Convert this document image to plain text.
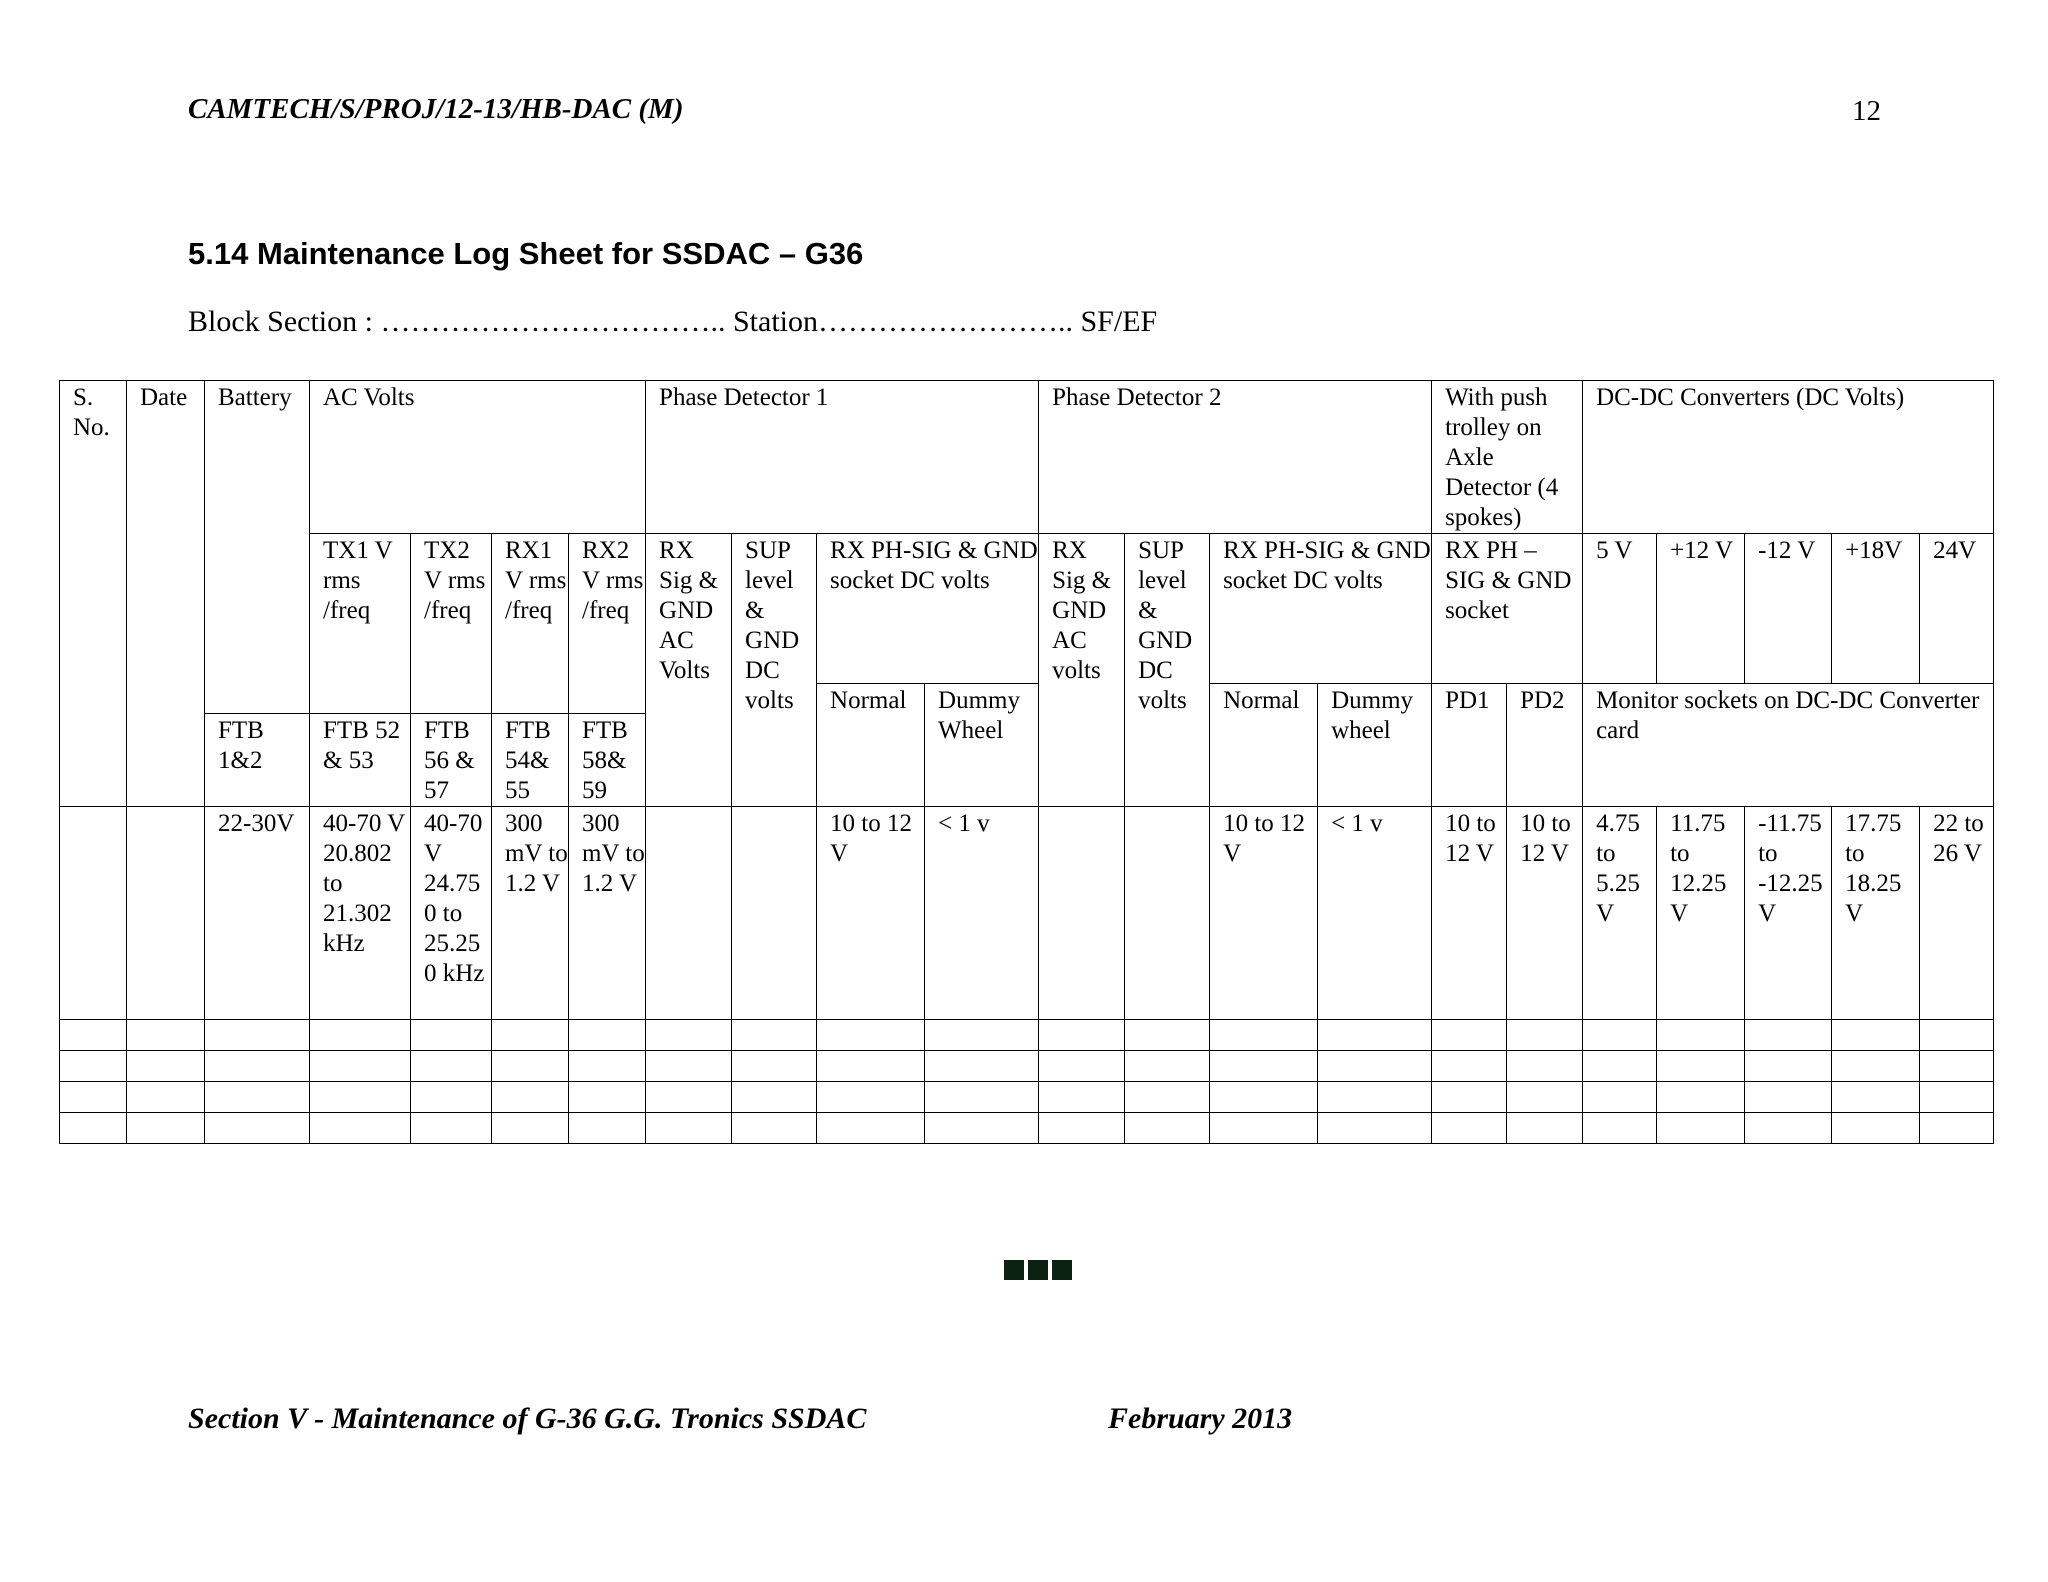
CAMTECH/S/PROJ/12-13/HB-DAC (M)	12
5.14 Maintenance Log Sheet for SSDAC – G36
Block Section : …………………………….. Station…………………….. SF/EF
S. No.	Date	Battery	AC Volts				Phase Detector 1				Phase Detector 2				With push trolley on Axle Detector (4 spokes)		DC-DC Converters (DC Volts)				
			TX1 V rms /freq	TX2 V rms /freq	RX1 V rms /freq	RX2 V rms /freq	RX Sig & GND AC Volts	SUP level & GND DC volts	RX PH-SIG & GND socket DC volts		RX Sig & GND AC volts	SUP level & GND DC volts	RX PH-SIG & GND socket DC volts		RX PH – SIG & GND socket		5 V	+12 V	-12 V	+18V	24V
									Normal	Dummy Wheel			Normal	Dummy wheel	PD1	PD2	Monitor sockets on DC-DC Converter card				
		FTB 1&2	FTB 52 & 53	FTB 56 & 57	FTB 54& 55	FTB 58& 59															
		22-30V	40-70 V 20.802 to 21.302 kHz	40-70 V 24.750 to 25.250 kHz	300 mV to 1.2 V	300 mV to 1.2 V			10 to 12 V	< 1 v			10 to 12 V	< 1 v	10 to 12 V	10 to 12 V	4.75 to 5.25 V	11.75 to 12.25 V	-11.75 to -12.25 V	17.75 to 18.25 V	22 to 26 V

Section V - Maintenance of G-36 G.G. Tronics SSDAC	February 2013
